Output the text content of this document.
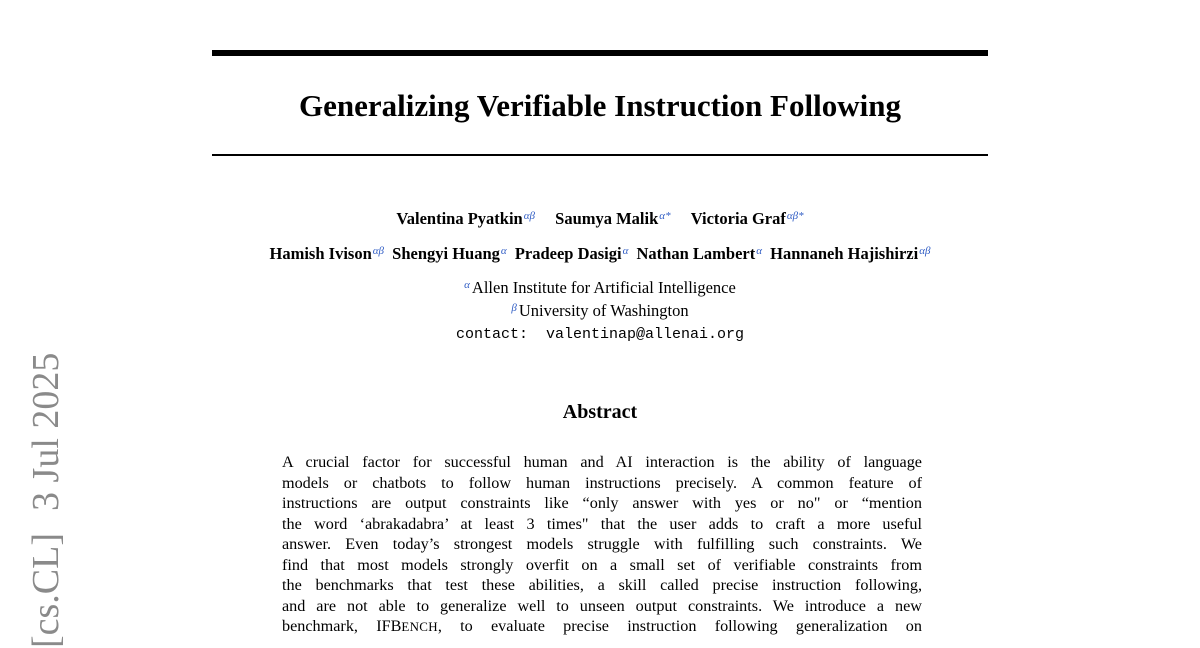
Generalizing Verifiable Instruction Following
Valentina Pyatkin$^{\alpha\beta}$ Saumya Malik$^{\alpha*}$ Victoria Graf$^{\alpha\beta*}$
Hamish Ivison$^{\alpha\beta}$ Shengyi Huang$^\alpha$ Pradeep Dasigi$^\alpha$ Nathan Lambert$^\alpha$ Hannaneh Hajishirzi$^{\alpha\beta}$
$^\alpha$ Allen Institute for Artificial Intelligence
$^\beta$ University of Washington
contact:  valentinap@allenai.org
Abstract
A crucial factor for successful human and AI interaction is the ability of language
models or chatbots to follow human instructions precisely. A common feature of
instructions are output constraints like “only answer with yes or no" or “mention
the word ‘abrakadabra’ at least 3 times" that the user adds to craft a more useful
answer. Even today’s strongest models struggle with fulfilling such constraints. We
find that most models strongly overfit on a small set of verifiable constraints from
the benchmarks that test these abilities, a skill called precise instruction following,
and are not able to generalize well to unseen output constraints. We introduce a new
benchmark, IFBENCH, to evaluate precise instruction following generalization on
[cs.CL]3 Jul 2025
